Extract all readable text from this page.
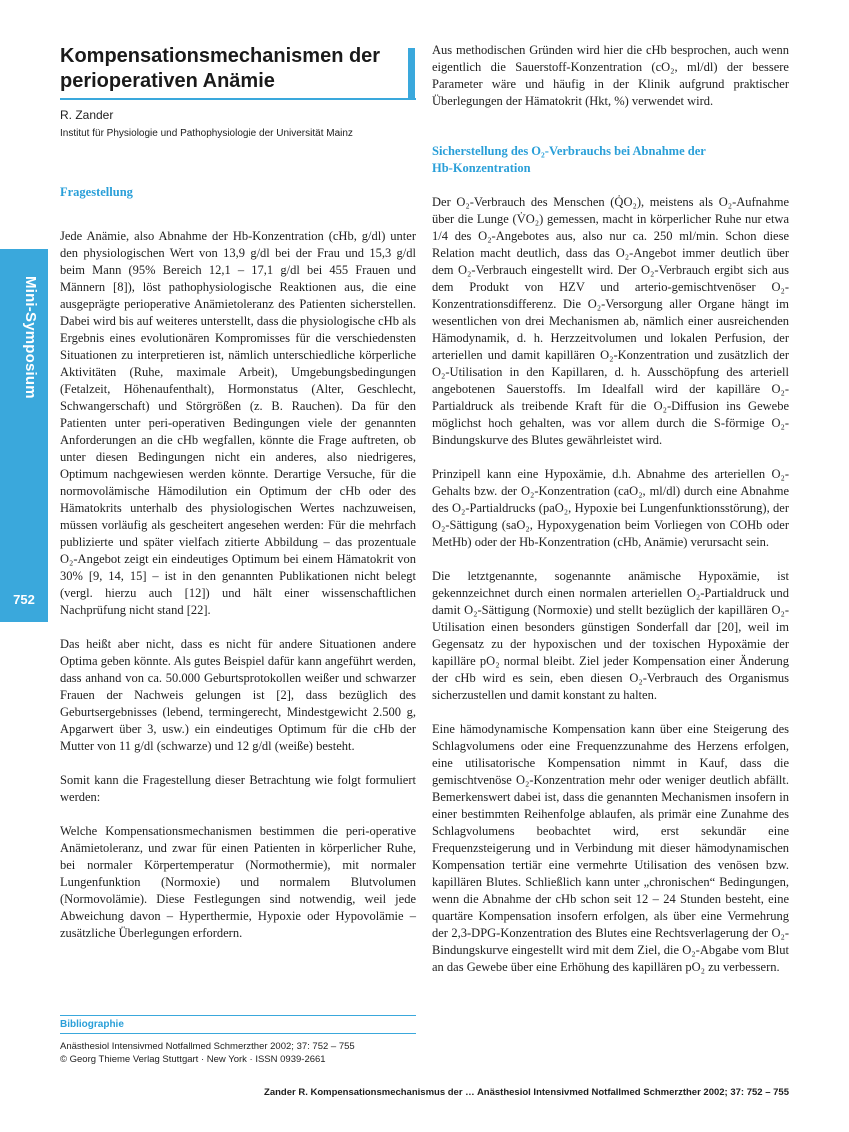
Mini-Symposium
752
Kompensationsmechanismen der
perioperativen Anämie
R. Zander
Institut für Physiologie und Pathophysiologie der Universität Mainz
Fragestellung

Jede Anämie, also Abnahme der Hb-Konzentration (cHb, g/dl) unter den physiologischen Wert von 13,9 g/dl bei der Frau und 15,3 g/dl beim Mann (95% Bereich 12,1 – 17,1 g/dl bei 455 Frauen und Männern [8]), löst pathophysiologische Reaktionen aus, die eine ausgeprägte perioperative Anämietoleranz des Patienten sicherstellen. Dabei wird bis auf weiteres unterstellt, dass die physiologische cHb als Ergebnis eines evolutionären Kompromisses für die verschiedensten Situationen zu interpretieren ist, nämlich unterschiedliche körperliche Aktivitäten (Ruhe, maximale Arbeit), Umgebungsbedingungen (Fetalzeit, Höhenaufenthalt), Hormonstatus (Alter, Geschlecht, Schwangerschaft) und Störgrößen (z. B. Rauchen). Da für den Patienten unter peri-operativen Bedingungen viele der genannten Anforderungen an die cHb wegfallen, könnte die Frage auftreten, ob unter diesen Bedingungen nicht ein anderes, also niedrigeres, Optimum nachgewiesen werden könnte. Derartige Versuche, für die normovolämische Hämodilution ein Optimum der cHb oder des Hämatokrits unterhalb des physiologischen Wertes nachzuweisen, müssen vorläufig als gescheitert angesehen werden: Für die mehrfach publizierte und später vielfach zitierte Abbildung – das prozentuale O₂-Angebot zeigt ein eindeutiges Optimum bei einem Hämatokrit von 30% [9, 14, 15] – ist in den genannten Publikationen nicht belegt (vergl. hierzu auch [12]) und hält einer wissenschaftlichen Nachprüfung nicht stand [22].

Das heißt aber nicht, dass es nicht für andere Situationen andere Optima geben könnte. Als gutes Beispiel dafür kann angeführt werden, dass anhand von ca. 50.000 Geburtsprotokollen weißer und schwarzer Frauen der Nachweis gelungen ist [2], dass bezüglich des Geburtsergebnisses (lebend, termingerecht, Mindestgewicht 2.500 g, Apgarwert über 3, usw.) ein eindeutiges Optimum für die cHb der Mutter von 11 g/dl (schwarze) und 12 g/dl (weiße) besteht.

Somit kann die Fragestellung dieser Betrachtung wie folgt formuliert werden:

Welche Kompensationsmechanismen bestimmen die peri-operative Anämietoleranz, und zwar für einen Patienten in körperlicher Ruhe, bei normaler Körpertemperatur (Normothermie), mit normaler Lungenfunktion (Normoxie) und normalem Blutvolumen (Normovolämie). Diese Festlegungen sind notwendig, weil jede Abweichung davon – Hyperthermie, Hypoxie oder Hypovolämie – zusätzliche Überlegungen erfordern.

Bibliographie
Anästhesiol Intensivmed Notfallmed Schmerzther 2002; 37: 752 – 755
© Georg Thieme Verlag Stuttgart · New York · ISSN 0939-2661

Aus methodischen Gründen wird hier die cHb besprochen, auch wenn eigentlich die Sauerstoff-Konzentration (cO₂, ml/dl) der bessere Parameter wäre und häufig in der Klinik aufgrund praktischer Überlegungen der Hämatokrit (Hkt, %) verwendet wird.

Sicherstellung des O₂-Verbrauchs bei Abnahme der
Hb-Konzentration

Der O₂-Verbrauch des Menschen (Q̇O₂), meistens als O₂-Aufnahme über die Lunge (V̇O₂) gemessen, macht in körperlicher Ruhe nur etwa 1/4 des O₂-Angebotes aus, also nur ca. 250 ml/min. Schon diese Relation macht deutlich, dass das O₂-Angebot immer deutlich über dem O₂-Verbrauch eingestellt wird. Der O₂-Verbrauch ergibt sich aus dem Produkt von HZV und arterio-gemischtvenöser O₂-Konzentrationsdifferenz. Die O₂-Versorgung aller Organe hängt im wesentlichen von drei Mechanismen ab, nämlich einer ausreichenden Hämodynamik, d. h. Herzzeitvolumen und lokalen Perfusion, der arteriellen und damit kapillären O₂-Konzentration und zusätzlich der O₂-Utilisation in den Kapillaren, d. h. Ausschöpfung des arteriell angebotenen Sauerstoffs. Im Idealfall wird der kapilläre O₂-Partialdruck als treibende Kraft für die O₂-Diffusion ins Gewebe möglichst hoch gehalten, was vor allem durch die S-förmige O₂-Bindungskurve des Blutes gewährleistet wird.

Prinzipell kann eine Hypoxämie, d.h. Abnahme des arteriellen O₂-Gehalts bzw. der O₂-Konzentration (caO₂, ml/dl) durch eine Abnahme des O₂-Partialdrucks (paO₂, Hypoxie bei Lungenfunktionsstörung), der O₂-Sättigung (saO₂, Hypoxygenation beim Vorliegen von COHb oder MetHb) oder der Hb-Konzentration (cHb, Anämie) verursacht sein.

Die letztgenannte, sogenannte anämische Hypoxämie, ist gekennzeichnet durch einen normalen arteriellen O₂-Partialdruck und damit O₂-Sättigung (Normoxie) und stellt bezüglich der kapillären O₂-Utilisation einen besonders günstigen Sonderfall dar [20], weil im Gegensatz zu der hypoxischen und der toxischen Hypoxämie der kapilläre pO₂ normal bleibt. Ziel jeder Kompensation einer Änderung der cHb wird es sein, eben diesen O₂-Verbrauch des Organismus sicherzustellen und damit konstant zu halten.

Eine hämodynamische Kompensation kann über eine Steigerung des Schlagvolumens oder eine Frequenzzunahme des Herzens erfolgen, eine utilisatorische Kompensation nimmt in Kauf, dass die gemischtvenöse O₂-Konzentration mehr oder weniger deutlich abfällt. Bemerkenswert dabei ist, dass die genannten Mechanismen insofern in einer bestimmten Reihenfolge ablaufen, als primär eine Zunahme des Schlagvolumens beobachtet wird, erst sekundär eine Frequenzsteigerung und in Verbindung mit dieser hämodynamischen Kompensation tertiär eine vermehrte Utilisation des venösen bzw. kapillären Blutes. Schließlich kann unter „chronischen“ Bedingungen, wenn die Abnahme der cHb schon seit 12 – 24 Stunden besteht, eine quartäre Kompensation insofern erfolgen, als über eine Vermehrung der 2,3-DPG-Konzentration des Blutes eine Rechtsverlagerung der O₂-Bindungskurve eingestellt wird mit dem Ziel, die O₂-Abgabe vom Blut an das Gewebe über eine Erhöhung des kapillären pO₂ zu verbessern.

Zander R. Kompensationsmechanismus der … Anästhesiol Intensivmed Notfallmed Schmerzther 2002; 37: 752 – 755
